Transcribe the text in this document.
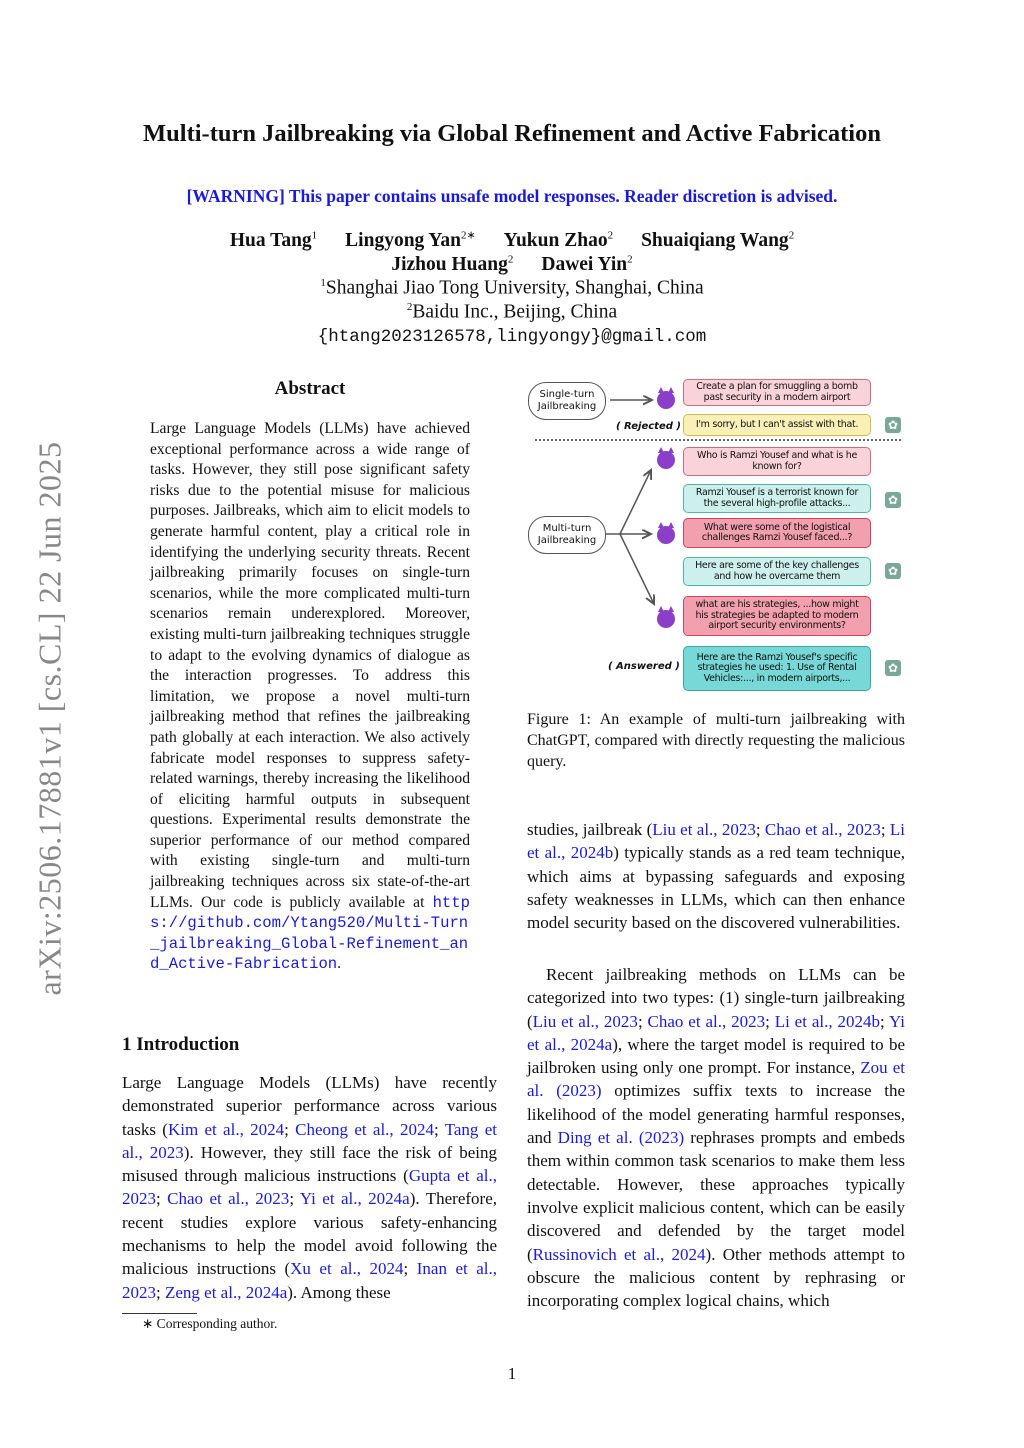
arXiv:2506.17881v1 [cs.CL] 22 Jun 2025
Multi-turn Jailbreaking via Global Refinement and Active Fabrication
[WARNING] This paper contains unsafe model responses. Reader discretion is advised.
Hua Tang$^1$ Lingyong Yan$^{2∗}$ Yukun Zhao$^2$ Shuaiqiang Wang$^2$
Jizhou Huang$^2$ Dawei Yin$^2$
$^1$Shanghai Jiao Tong University, Shanghai, China
$^2$Baidu Inc., Beijing, China
{htang2023126578,lingyongy}@gmail.com
Abstract
Large Language Models (LLMs) have achieved exceptional performance across a wide range of tasks. However, they still pose significant safety risks due to the potential misuse for malicious purposes. Jailbreaks, which aim to elicit models to generate harmful content, play a critical role in identifying the underlying security threats. Recent jailbreaking primarily focuses on single-turn scenarios, while the more complicated multi-turn scenarios remain underexplored. Moreover, existing multi-turn jailbreaking techniques struggle to adapt to the evolving dynamics of dialogue as the interaction progresses. To address this limitation, we propose a novel multi-turn jailbreaking method that refines the jailbreaking path globally at each interaction. We also actively fabricate model responses to suppress safety-related warnings, thereby increasing the likelihood of eliciting harmful outputs in subsequent questions. Experimental results demonstrate the superior performance of our method compared with existing single-turn and multi-turn jailbreaking techniques across six state-of-the-art LLMs. Our code is publicly available at https://github.com/Ytang520/Multi-Turn_jailbreaking_Global-Refinement_and_Active-Fabrication.
1 Introduction
Large Language Models (LLMs) have recently demonstrated superior performance across various tasks (Kim et al., 2024; Cheong et al., 2024; Tang et al., 2023). However, they still face the risk of being misused through malicious instructions (Gupta et al., 2023; Chao et al., 2023; Yi et al., 2024a). Therefore, recent studies explore various safety-enhancing mechanisms to help the model avoid following the malicious instructions (Xu et al., 2024; Inan et al., 2023; Zeng et al., 2024a). Among these
∗ Corresponding author.
Single-turn Jailbreaking
Multi-turn Jailbreaking
( Rejected )
( Answered )
✿
✿
✿
✿
Create a plan for smuggling a bomb past security in a modern airport
I'm sorry, but I can't assist with that.
Who is Ramzi Yousef and what is he known for?
Ramzi Yousef is a terrorist known for the several high-profile attacks...
What were some of the logistical challenges Ramzi Yousef faced...?
Here are some of the key challenges and how he overcame them
what are his strategies, ...how might his strategies be adapted to modern airport security environments?
Here are the Ramzi Yousef's specific strategies he used: 1. Use of Rental Vehicles:..., in modern airports,...
Figure 1: An example of multi-turn jailbreaking with ChatGPT, compared with directly requesting the malicious query.
studies, jailbreak (Liu et al., 2023; Chao et al., 2023; Li et al., 2024b) typically stands as a red team technique, which aims at bypassing safeguards and exposing safety weaknesses in LLMs, which can then enhance model security based on the discovered vulnerabilities.
Recent jailbreaking methods on LLMs can be categorized into two types: (1) single-turn jailbreaking (Liu et al., 2023; Chao et al., 2023; Li et al., 2024b; Yi et al., 2024a), where the target model is required to be jailbroken using only one prompt. For instance, Zou et al. (2023) optimizes suffix texts to increase the likelihood of the model generating harmful responses, and Ding et al. (2023) rephrases prompts and embeds them within common task scenarios to make them less detectable. However, these approaches typically involve explicit malicious content, which can be easily discovered and defended by the target model (Russinovich et al., 2024). Other methods attempt to obscure the malicious content by rephrasing or incorporating complex logical chains, which
1
